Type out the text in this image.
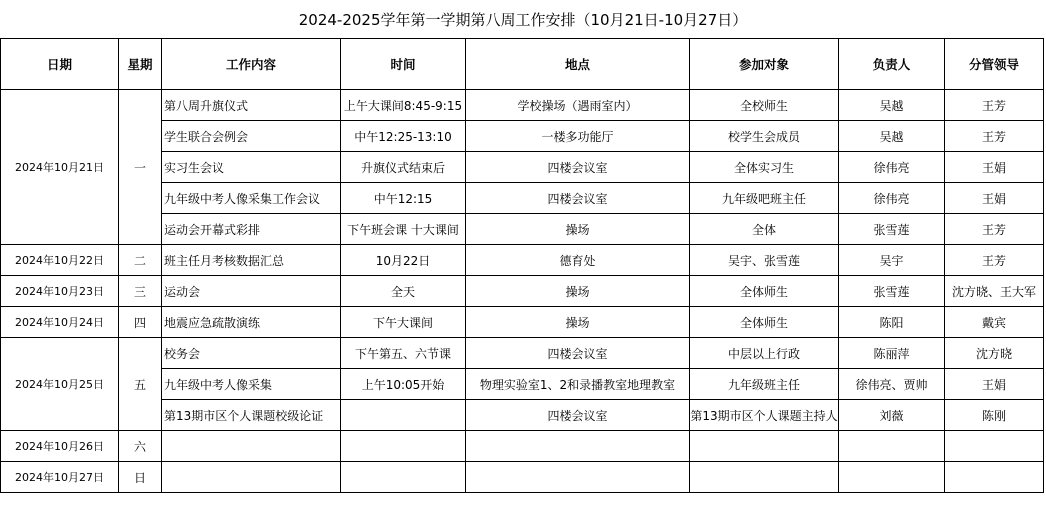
2024-2025学年第一学期第八周工作安排（10月21日-10月27日）
日期	星期	工作内容	时间	地点	参加对象	负责人	分管领导
2024年10月21日	一	第八周升旗仪式	上午大课间8:45-9:15	学校操场（遇雨室内）	全校师生	吴越	王芳
		学生联合会例会	中午12:25-13:10	一楼多功能厅	校学生会成员	吴越	王芳
		实习生会议	升旗仪式结束后	四楼会议室	全体实习生	徐伟亮	王娟
		九年级中考人像采集工作会议	中午12:15	四楼会议室	九年级吧班主任	徐伟亮	王娟
		运动会开幕式彩排	下午班会课 十大课间	操场	全体	张雪莲	王芳
2024年10月22日	二	班主任月考核数据汇总	10月22日	德育处	吴宇、张雪莲	吴宇	王芳
2024年10月23日	三	运动会	全天	操场	全体师生	张雪莲	沈方晓、王大军
2024年10月24日	四	地震应急疏散演练	下午大课间	操场	全体师生	陈阳	戴宾
2024年10月25日	五	校务会	下午第五、六节课	四楼会议室	中层以上行政	陈丽萍	沈方晓
		九年级中考人像采集	上午10:05开始	物理实验室1、2和录播教室地理教室	九年级班主任	徐伟亮、贾帅	王娟
		第13期市区个人课题校级论证		四楼会议室	第13期市区个人课题主持人	刘薇	陈刚
2024年10月26日	六						
2024年10月27日	日						
